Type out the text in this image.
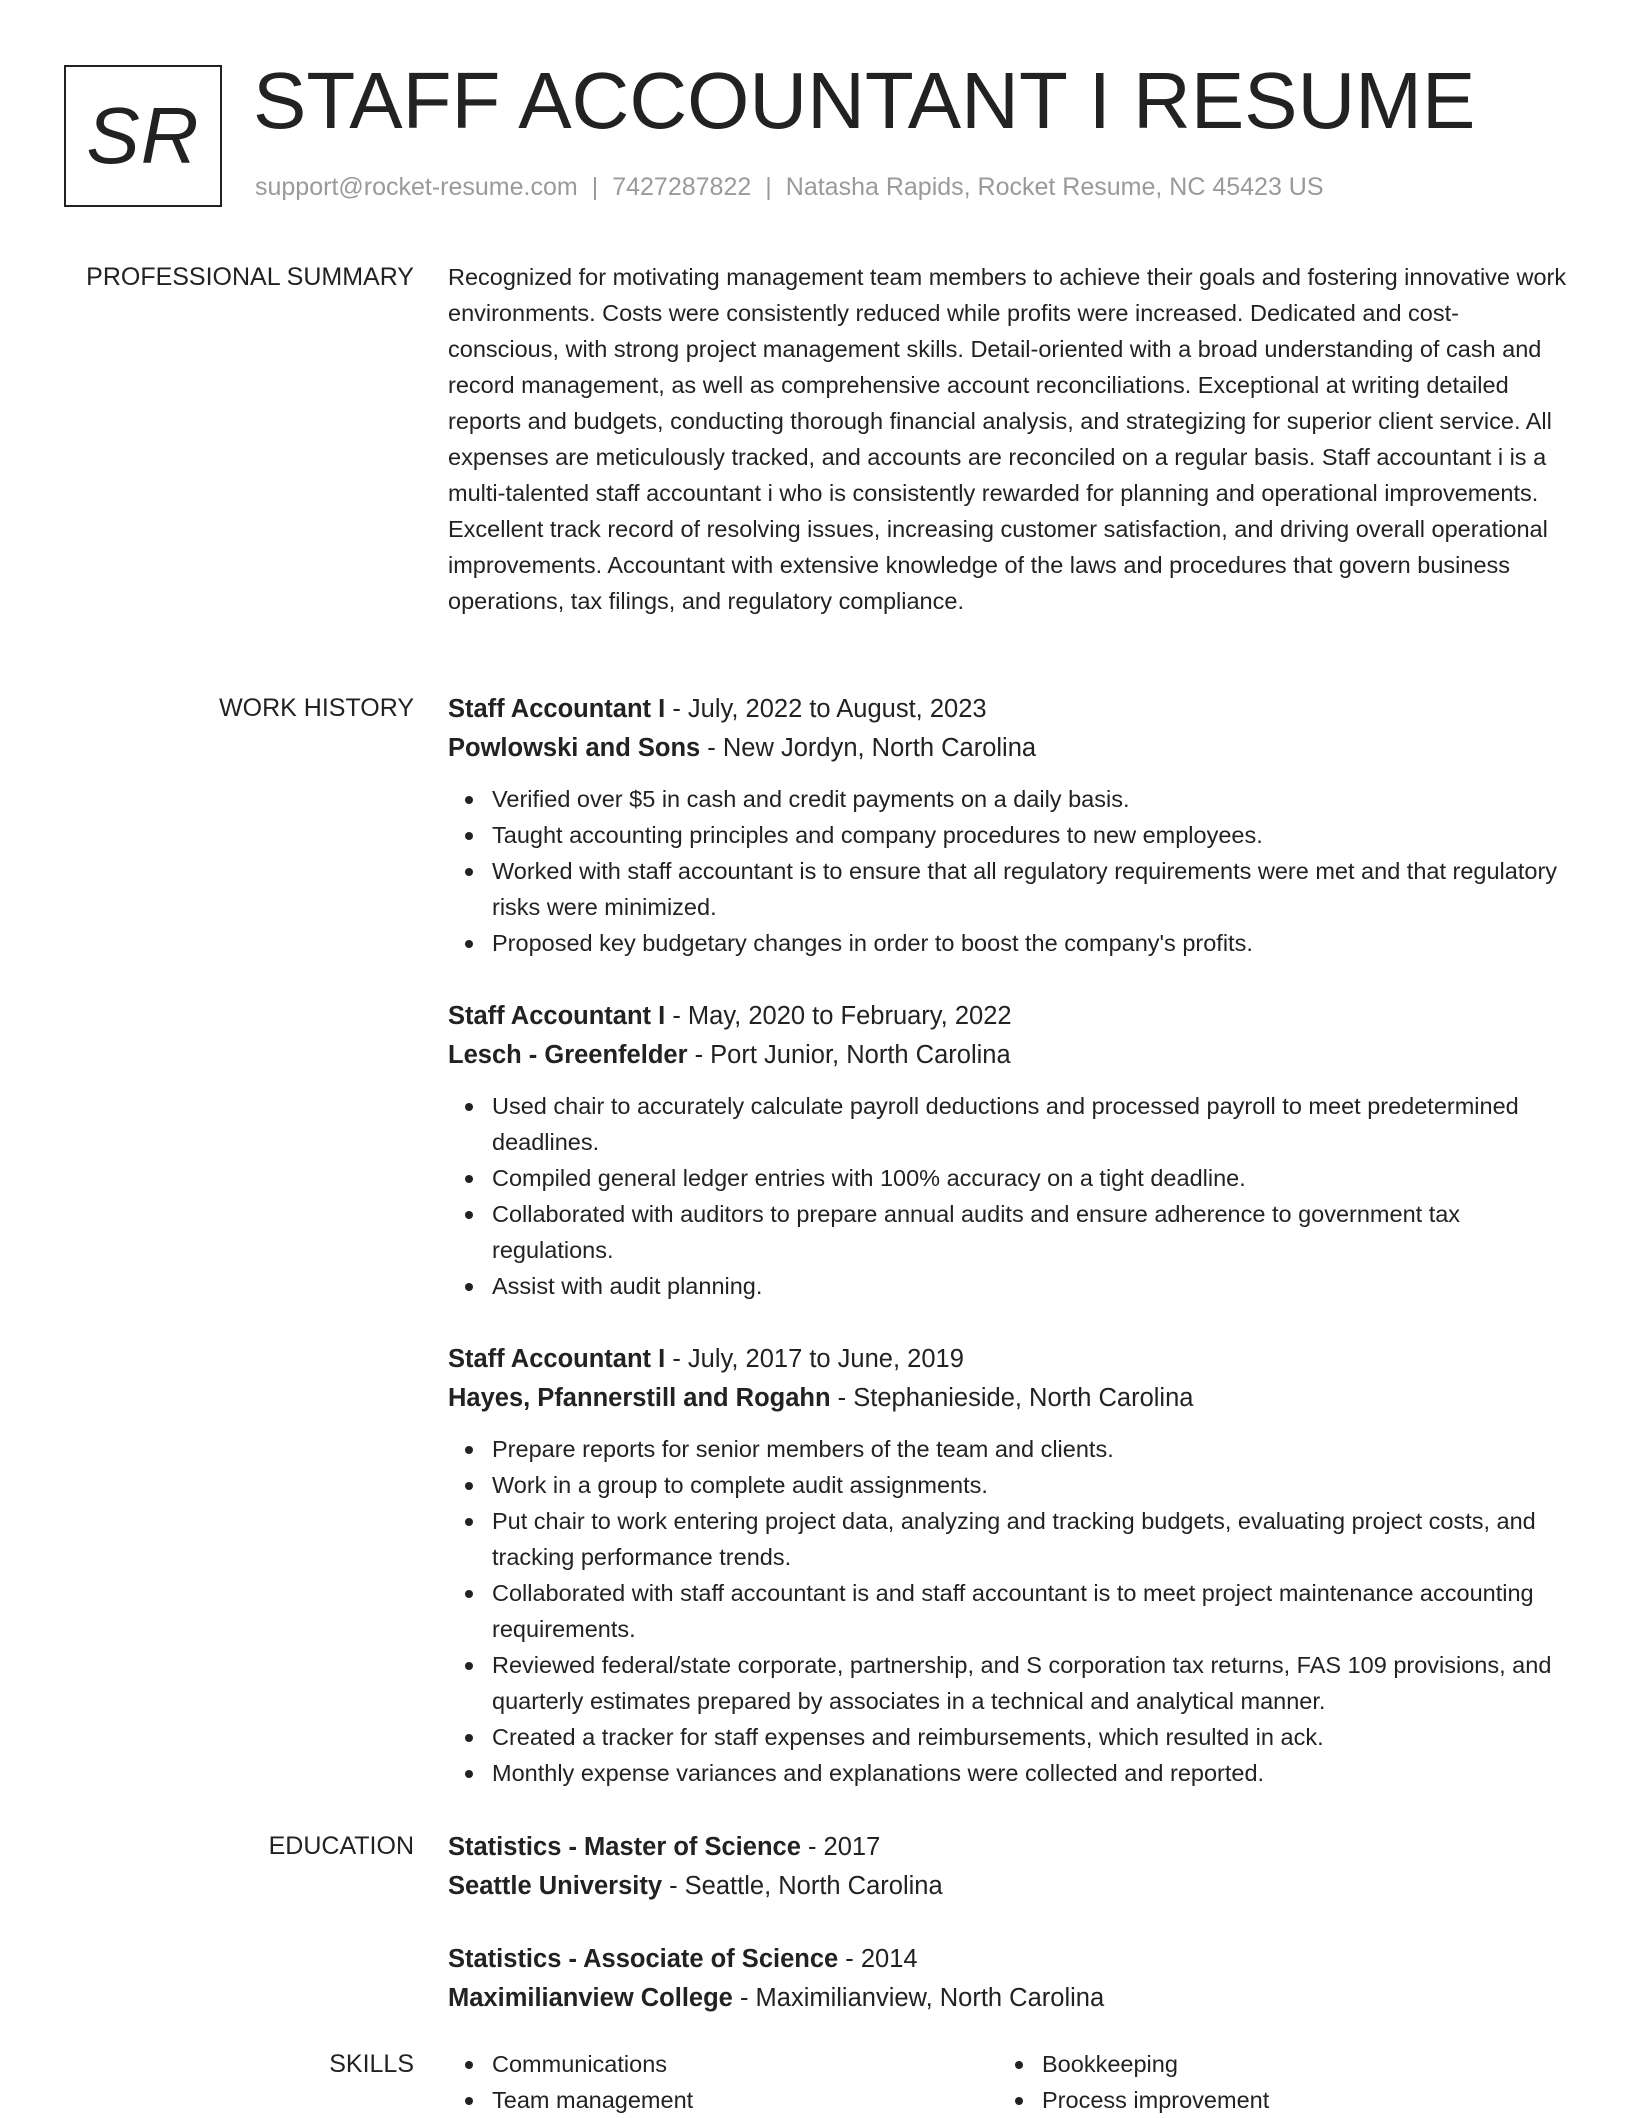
SR STAFF ACCOUNTANT I RESUME
support@rocket-resume.com | 7427287822 | Natasha Rapids, Rocket Resume, NC 45423 US
PROFESSIONAL SUMMARY Recognized for motivating management team members to achieve their goals and fostering innovative work environments. Costs were consistently reduced while profits were increased. Dedicated and cost-conscious, with strong project management skills. Detail-oriented with a broad understanding of cash and record management, as well as comprehensive account reconciliations. Exceptional at writing detailed reports and budgets, conducting thorough financial analysis, and strategizing for superior client service. All expenses are meticulously tracked, and accounts are reconciled on a regular basis. Staff accountant i is a multi-talented staff accountant i who is consistently rewarded for planning and operational improvements. Excellent track record of resolving issues, increasing customer satisfaction, and driving overall operational improvements. Accountant with extensive knowledge of the laws and procedures that govern business operations, tax filings, and regulatory compliance.

WORK HISTORY Staff Accountant I - July, 2022 to August, 2023
Powlowski and Sons - New Jordyn, North Carolina
Verified over $5 in cash and credit payments on a daily basis.
Taught accounting principles and company procedures to new employees.
Worked with staff accountant is to ensure that all regulatory requirements were met and that regulatory risks were minimized.
Proposed key budgetary changes in order to boost the company's profits.
Staff Accountant I - May, 2020 to February, 2022
Lesch - Greenfelder - Port Junior, North Carolina
Used chair to accurately calculate payroll deductions and processed payroll to meet predetermined deadlines.
Compiled general ledger entries with 100% accuracy on a tight deadline.
Collaborated with auditors to prepare annual audits and ensure adherence to government tax regulations.
Assist with audit planning.
Staff Accountant I - July, 2017 to June, 2019
Hayes, Pfannerstill and Rogahn - Stephanieside, North Carolina
Prepare reports for senior members of the team and clients.
Work in a group to complete audit assignments.
Put chair to work entering project data, analyzing and tracking budgets, evaluating project costs, and tracking performance trends.
Collaborated with staff accountant is and staff accountant is to meet project maintenance accounting requirements.
Reviewed federal/state corporate, partnership, and S corporation tax returns, FAS 109 provisions, and quarterly estimates prepared by associates in a technical and analytical manner.
Created a tracker for staff expenses and reimbursements, which resulted in ack.
Monthly expense variances and explanations were collected and reported.
EDUCATION Statistics - Master of Science - 2017
Seattle University - Seattle, North Carolina
Statistics - Associate of Science - 2014
Maximilianview College - Maximilianview, North Carolina
SKILLS	Communications
Team management
Bookkeeping
Process improvement
